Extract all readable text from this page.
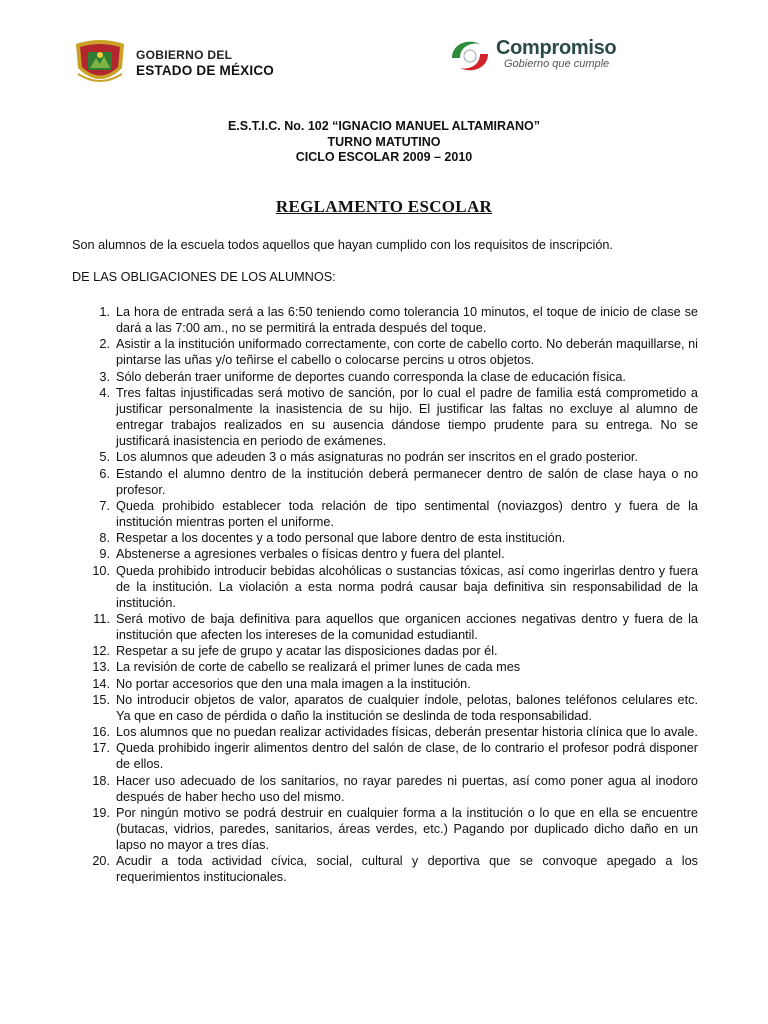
GOBIERNO DEL
ESTADO DE MÉXICO
Compromiso
Gobierno que cumple
E.S.T.I.C. No. 102 “IGNACIO MANUEL ALTAMIRANO”
TURNO MATUTINO
CICLO ESCOLAR 2009 – 2010
REGLAMENTO ESCOLAR
Son alumnos de la escuela todos aquellos que hayan cumplido con los requisitos de inscripción.
DE LAS OBLIGACIONES DE LOS ALUMNOS:
1. La hora de entrada será a las 6:50 teniendo como tolerancia 10 minutos, el toque de inicio de clase se dará a las 7:00 am., no se permitirá la entrada después del toque.
2. Asistir a la institución uniformado correctamente, con corte de cabello corto. No deberán maquillarse, ni pintarse las uñas y/o teñirse el cabello o colocarse percins u otros objetos.
3. Sólo deberán traer uniforme de deportes cuando corresponda la clase de educación física.
4. Tres faltas injustificadas será motivo de sanción, por lo cual el padre de familia está comprometido a justificar personalmente la inasistencia de su hijo. El justificar las faltas no excluye al alumno de entregar trabajos realizados en su ausencia dándose tiempo prudente para su entrega. No se justificará inasistencia en periodo de exámenes.
5. Los alumnos que adeuden 3 o más asignaturas no podrán ser inscritos en el grado posterior.
6. Estando el alumno dentro de la institución deberá permanecer dentro de salón de clase haya o no profesor.
7. Queda prohibido establecer toda relación de tipo sentimental (noviazgos) dentro y fuera de la institución mientras porten el uniforme.
8. Respetar a los docentes y a todo personal que labore dentro de esta institución.
9. Abstenerse a agresiones verbales o físicas dentro y fuera del plantel.
10. Queda prohibido introducir bebidas alcohólicas o sustancias tóxicas, así como ingerirlas dentro y fuera de la institución. La violación a esta norma podrá causar baja definitiva sin responsabilidad de la institución.
11. Será motivo de baja definitiva para aquellos que organicen acciones negativas dentro y fuera de la institución que afecten los intereses de la comunidad estudiantil.
12. Respetar a su jefe de grupo y acatar las disposiciones dadas por él.
13. La revisión de corte de cabello se realizará el primer lunes de cada mes
14. No portar accesorios que den una mala imagen a la institución.
15. No introducir objetos de valor, aparatos de cualquier índole, pelotas, balones teléfonos celulares etc. Ya que en caso de pérdida o daño la institución se deslinda de toda responsabilidad.
16. Los alumnos que no puedan realizar actividades físicas, deberán presentar historia clínica que lo avale.
17. Queda prohibido ingerir alimentos dentro del salón de clase, de lo contrario el profesor podrá disponer de ellos.
18. Hacer uso adecuado de los sanitarios, no rayar paredes ni puertas, así como poner agua al inodoro después de haber hecho uso del mismo.
19. Por ningún motivo se podrá destruir en cualquier forma a la institución o lo que en ella se encuentre (butacas, vidrios, paredes, sanitarios, áreas verdes, etc.) Pagando por duplicado dicho daño en un lapso no mayor a tres días.
20. Acudir a toda actividad cívica, social, cultural y deportiva que se convoque apegado a los requerimientos institucionales.
